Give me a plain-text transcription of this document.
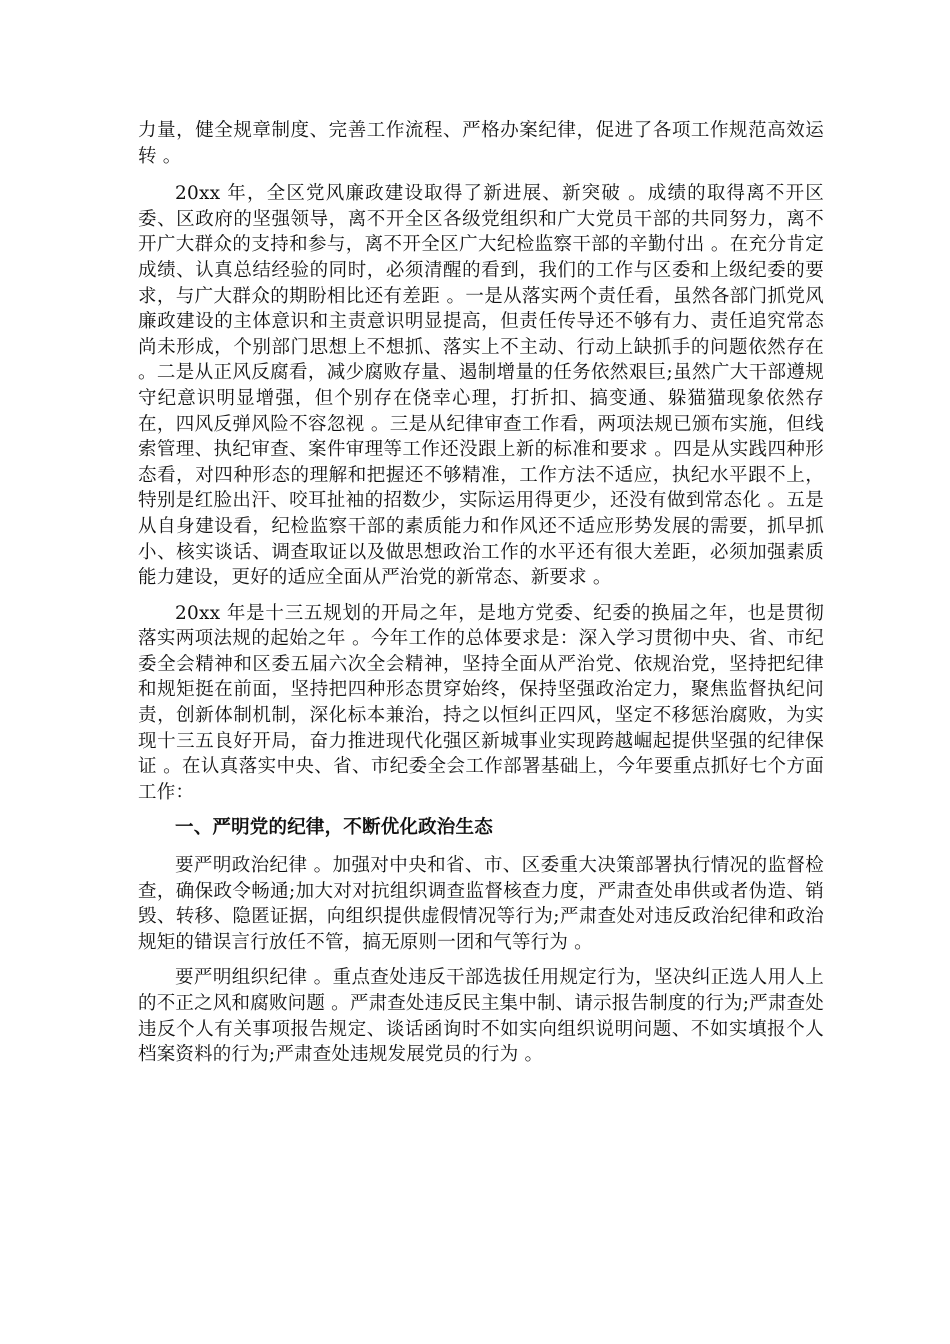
力量，健全规章制度、完善工作流程、严格办案纪律，促进了各项工作规范高效运转 。

20xx 年，全区党风廉政建设取得了新进展、新突破 。成绩的取得离不开区委、区政府的坚强领导，离不开全区各级党组织和广大党员干部的共同努力，离不开广大群众的支持和参与，离不开全区广大纪检监察干部的辛勤付出 。在充分肯定成绩、认真总结经验的同时，必须清醒的看到，我们的工作与区委和上级纪委的要求，与广大群众的期盼相比还有差距 。一是从落实两个责任看，虽然各部门抓党风廉政建设的主体意识和主责意识明显提高，但责任传导还不够有力、责任追究常态尚未形成，个别部门思想上不想抓、落实上不主动、行动上缺抓手的问题依然存在 。二是从正风反腐看，减少腐败存量、遏制增量的任务依然艰巨;虽然广大干部遵规守纪意识明显增强，但个别存在侥幸心理，打折扣、搞变通、躲猫猫现象依然存在，四风反弹风险不容忽视 。三是从纪律审查工作看，两项法规已颁布实施，但线索管理、执纪审查、案件审理等工作还没跟上新的标准和要求 。四是从实践四种形态看，对四种形态的理解和把握还不够精准，工作方法不适应，执纪水平跟不上，特别是红脸出汗、咬耳扯袖的招数少，实际运用得更少，还没有做到常态化 。五是从自身建设看，纪检监察干部的素质能力和作风还不适应形势发展的需要，抓早抓小、核实谈话、调查取证以及做思想政治工作的水平还有很大差距，必须加强素质能力建设，更好的适应全面从严治党的新常态、新要求 。

20xx 年是十三五规划的开局之年，是地方党委、纪委的换届之年，也是贯彻落实两项法规的起始之年 。今年工作的总体要求是：深入学习贯彻中央、省、市纪委全会精神和区委五届六次全会精神，坚持全面从严治党、依规治党，坚持把纪律和规矩挺在前面，坚持把四种形态贯穿始终，保持坚强政治定力，聚焦监督执纪问责，创新体制机制，深化标本兼治，持之以恒纠正四风，坚定不移惩治腐败，为实现十三五良好开局，奋力推进现代化强区新城事业实现跨越崛起提供坚强的纪律保证 。在认真落实中央、省、市纪委全会工作部署基础上，今年要重点抓好七个方面工作：

一、严明党的纪律，不断优化政治生态

要严明政治纪律 。加强对中央和省、市、区委重大决策部署执行情况的监督检查，确保政令畅通;加大对对抗组织调查监督核查力度，严肃查处串供或者伪造、销毁、转移、隐匿证据，向组织提供虚假情况等行为;严肃查处对违反政治纪律和政治规矩的错误言行放任不管，搞无原则一团和气等行为 。

要严明组织纪律 。重点查处违反干部选拔任用规定行为，坚决纠正选人用人上的不正之风和腐败问题 。严肃查处违反民主集中制、请示报告制度的行为;严肃查处违反个人有关事项报告规定、谈话函询时不如实向组织说明问题、不如实填报个人档案资料的行为;严肃查处违规发展党员的行为 。
